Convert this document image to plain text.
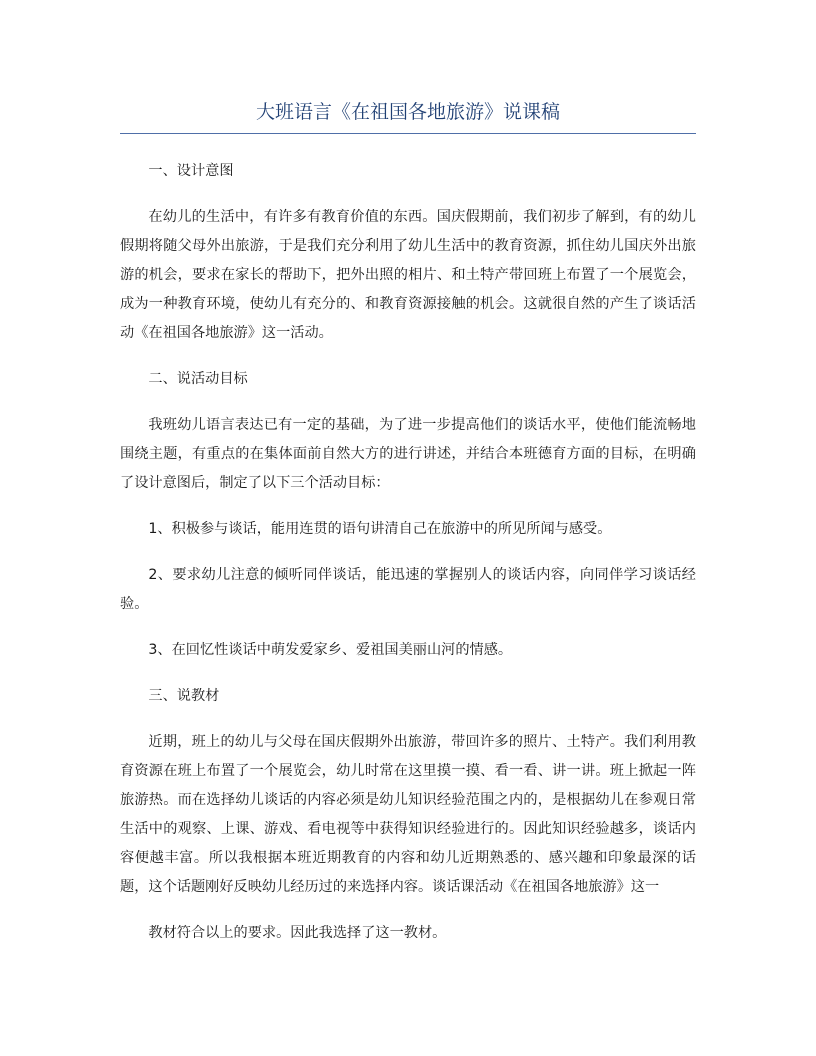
大班语言《在祖国各地旅游》说课稿

一、设计意图

在幼儿的生活中，有许多有教育价值的东西。国庆假期前，我们初步了解到，有的幼儿假期将随父母外出旅游，于是我们充分利用了幼儿生活中的教育资源，抓住幼儿国庆外出旅游的机会，要求在家长的帮助下，把外出照的相片、和土特产带回班上布置了一个展览会，成为一种教育环境，使幼儿有充分的、和教育资源接触的机会。这就很自然的产生了谈话活动《在祖国各地旅游》这一活动。

二、说活动目标

我班幼儿语言表达已有一定的基础，为了进一步提高他们的谈话水平，使他们能流畅地围绕主题，有重点的在集体面前自然大方的进行讲述，并结合本班德育方面的目标，在明确了设计意图后，制定了以下三个活动目标：

1、积极参与谈话，能用连贯的语句讲清自己在旅游中的所见所闻与感受。

2、要求幼儿注意的倾听同伴谈话，能迅速的掌握别人的谈话内容，向同伴学习谈话经验。

3、在回忆性谈话中萌发爱家乡、爱祖国美丽山河的情感。

三、说教材

近期，班上的幼儿与父母在国庆假期外出旅游，带回许多的照片、土特产。我们利用教育资源在班上布置了一个展览会，幼儿时常在这里摸一摸、看一看、讲一讲。班上掀起一阵旅游热。而在选择幼儿谈话的内容必须是幼儿知识经验范围之内的，是根据幼儿在参观日常生活中的观察、上课、游戏、看电视等中获得知识经验进行的。因此知识经验越多，谈话内容便越丰富。所以我根据本班近期教育的内容和幼儿近期熟悉的、感兴趣和印象最深的话题，这个话题刚好反映幼儿经历过的来选择内容。谈话课活动《在祖国各地旅游》这一

教材符合以上的要求。因此我选择了这一教材。
